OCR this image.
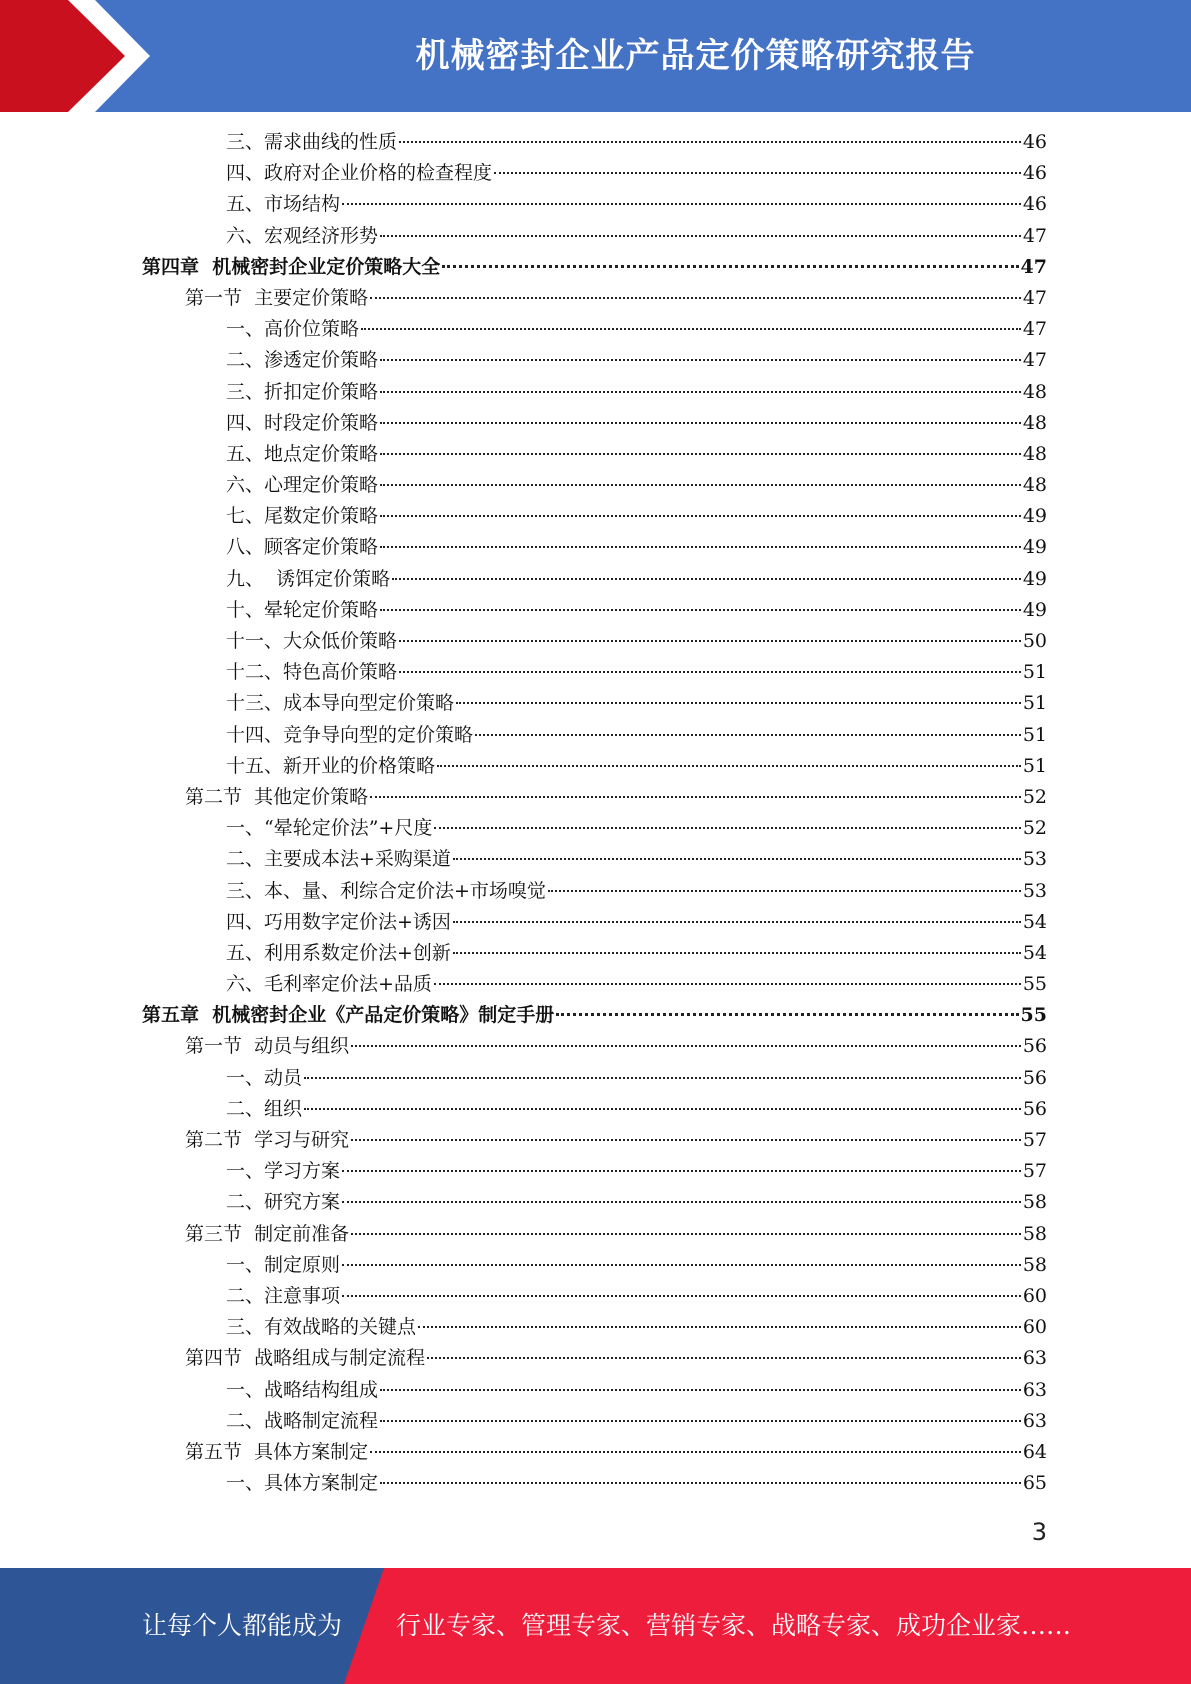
机械密封企业产品定价策略研究报告
三、需求曲线的性质	46
四、政府对企业价格的检查程度	46
五、市场结构	46
六、宏观经济形势	47
第四章  机械密封企业定价策略大全	47
第一节  主要定价策略	47
一、高价位策略	47
二、渗透定价策略	47
三、折扣定价策略	48
四、时段定价策略	48
五、地点定价策略	48
六、心理定价策略	48
七、尾数定价策略	49
八、顾客定价策略	49
九、  诱饵定价策略	49
十、晕轮定价策略	49
十一、大众低价策略	50
十二、特色高价策略	51
十三、成本导向型定价策略	51
十四、竞争导向型的定价策略	51
十五、新开业的价格策略	51
第二节  其他定价策略	52
一、“晕轮定价法”+尺度	52
二、主要成本法+采购渠道	53
三、本、量、利综合定价法+市场嗅觉	53
四、巧用数字定价法+诱因	54
五、利用系数定价法+创新	54
六、毛利率定价法+品质	55
第五章  机械密封企业《产品定价策略》制定手册	55
第一节  动员与组织	56
一、动员	56
二、组织	56
第二节  学习与研究	57
一、学习方案	57
二、研究方案	58
第三节  制定前准备	58
一、制定原则	58
二、注意事项	60
三、有效战略的关键点	60
第四节  战略组成与制定流程	63
一、战略结构组成	63
二、战略制定流程	63
第五节  具体方案制定	64
一、具体方案制定	65
3
让每个人都能成为 行业专家、管理专家、营销专家、战略专家、成功企业家……
